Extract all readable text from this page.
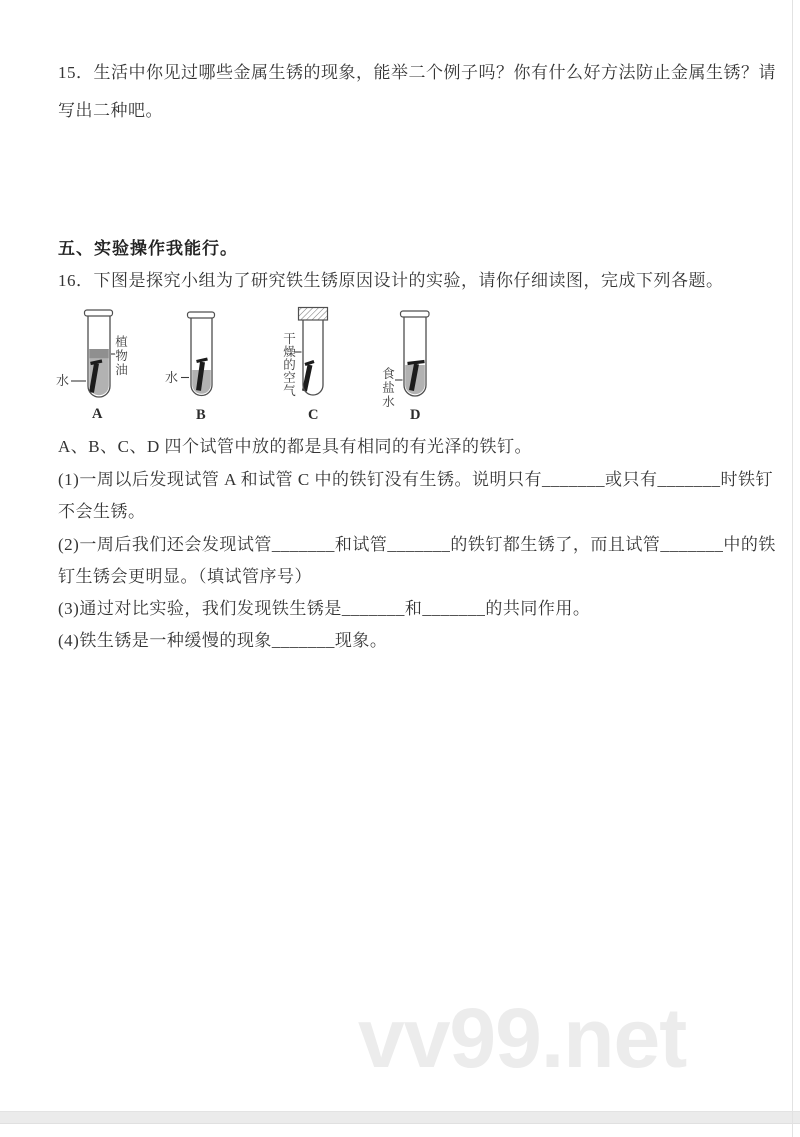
15．生活中你见过哪些金属生锈的现象，能举二个例子吗？你有什么好方法防止金属生锈？请
写出二种吧。
五、实验操作我能行。
16．下图是探究小组为了研究铁生锈原因设计的实验，请你仔细读图，完成下列各题。
水
植物油	水
干燥的空气
食盐水
A	B	C	D
A、B、C、D 四个试管中放的都是具有相同的有光泽的铁钉。
(1)一周以后发现试管 A 和试管 C 中的铁钉没有生锈。说明只有_______或只有_______时铁钉
不会生锈。
(2)一周后我们还会发现试管_______和试管_______的铁钉都生锈了，而且试管_______中的铁
钉生锈会更明显。（填试管序号）
(3)通过对比实验，我们发现铁生锈是_______和_______的共同作用。
(4)铁生锈是一种缓慢的现象_______现象。
vv99.net
